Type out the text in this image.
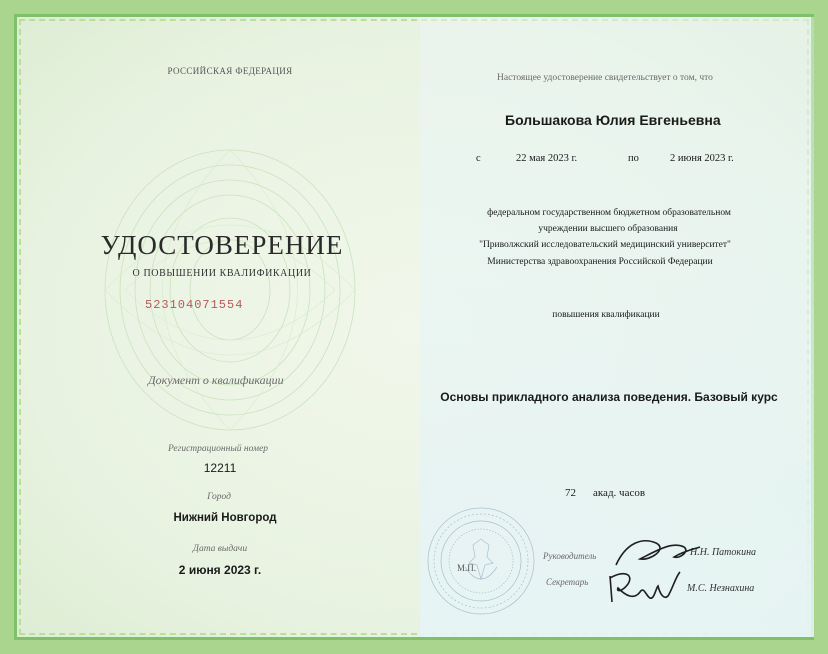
РОССИЙСКАЯ ФЕДЕРАЦИЯ
УДОСТОВЕРЕНИЕ
О ПОВЫШЕНИИ КВАЛИФИКАЦИИ
523104071554
Документ о квалификации
Регистрационный номер
12211
Город
Нижний Новгород
Дата выдачи
2 июня 2023 г.
Настоящее удостоверение свидетельствует о том, что
Большакова Юлия Евгеньевна
с	22 мая 2023 г.	по	2 июня 2023 г.
федеральном государственном бюджетном образовательном
учреждении высшего образования
"Приволжский исследовательский медицинский университет"
Министерства здравоохранения Российской Федерации
повышения квалификации
Основы прикладного анализа поведения. Базовый курс
72 акад. часов
М.П.
Руководитель	Н.Н. Патокина
Секретарь
М.С. Незнахина
